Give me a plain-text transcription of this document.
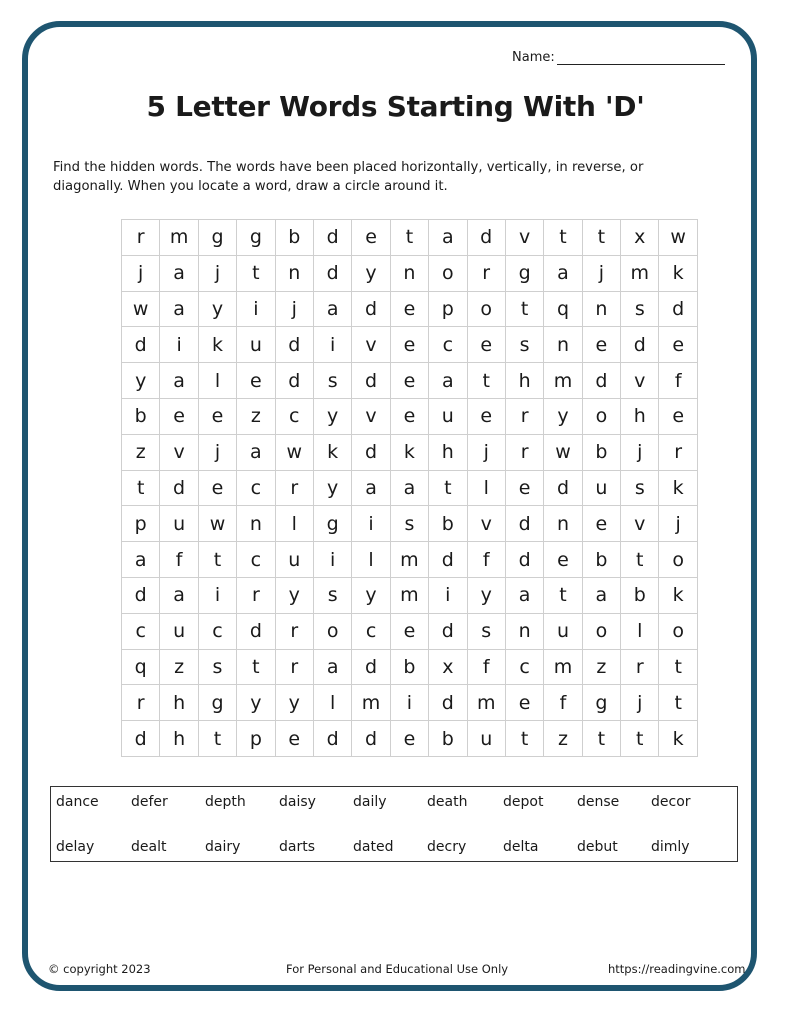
Name:
5 Letter Words Starting With 'D'
Find the hidden words. The words have been placed horizontally, vertically, in reverse, or diagonally. When you locate a word, draw a circle around it.
r	m	g	g	b	d	e	t	a	d	v	t	t	x	w
j	a	j	t	n	d	y	n	o	r	g	a	j	m	k
w	a	y	i	j	a	d	e	p	o	t	q	n	s	d
d	i	k	u	d	i	v	e	c	e	s	n	e	d	e
y	a	l	e	d	s	d	e	a	t	h	m	d	v	f
b	e	e	z	c	y	v	e	u	e	r	y	o	h	e
z	v	j	a	w	k	d	k	h	j	r	w	b	j	r
t	d	e	c	r	y	a	a	t	l	e	d	u	s	k
p	u	w	n	l	g	i	s	b	v	d	n	e	v	j
a	f	t	c	u	i	l	m	d	f	d	e	b	t	o
d	a	i	r	y	s	y	m	i	y	a	t	a	b	k
c	u	c	d	r	o	c	e	d	s	n	u	o	l	o
q	z	s	t	r	a	d	b	x	f	c	m	z	r	t
r	h	g	y	y	l	m	i	d	m	e	f	g	j	t
d	h	t	p	e	d	d	e	b	u	t	z	t	t	k
dance defer	depth daisy	daily	death	depot dense decor
delay	dealt	dairy	darts	dated decry	delta	debut dimly
© copyright 2023	For Personal and Educational Use Only	https://readingvine.com
